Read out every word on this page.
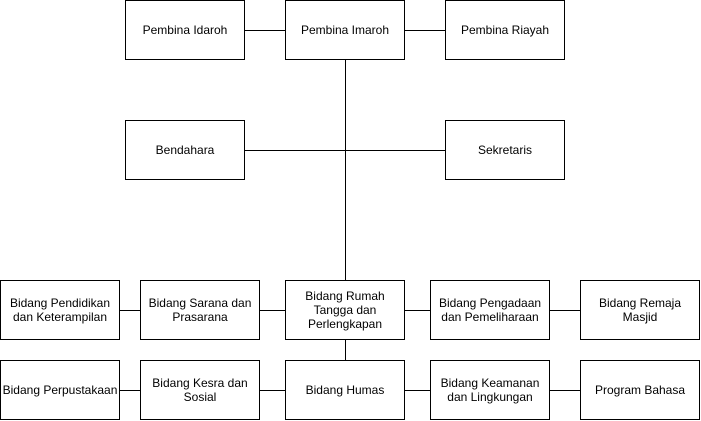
Pembina Idaroh	Pembina Imaroh	Pembina Riayah
Bendahara	Sekretaris
Bidang Pendidikan dan Keterampilan
Bidang Sarana dan Prasarana
Bidang Rumah Tangga dan Perlengkapan
Bidang Pengadaan dan Pemeliharaan
Bidang Remaja Masjid
Bidang Perpustakaan	Bidang Kesra dan Sosial	Bidang Humas	Bidang Keamanan dan Lingkungan	Program Bahasa
